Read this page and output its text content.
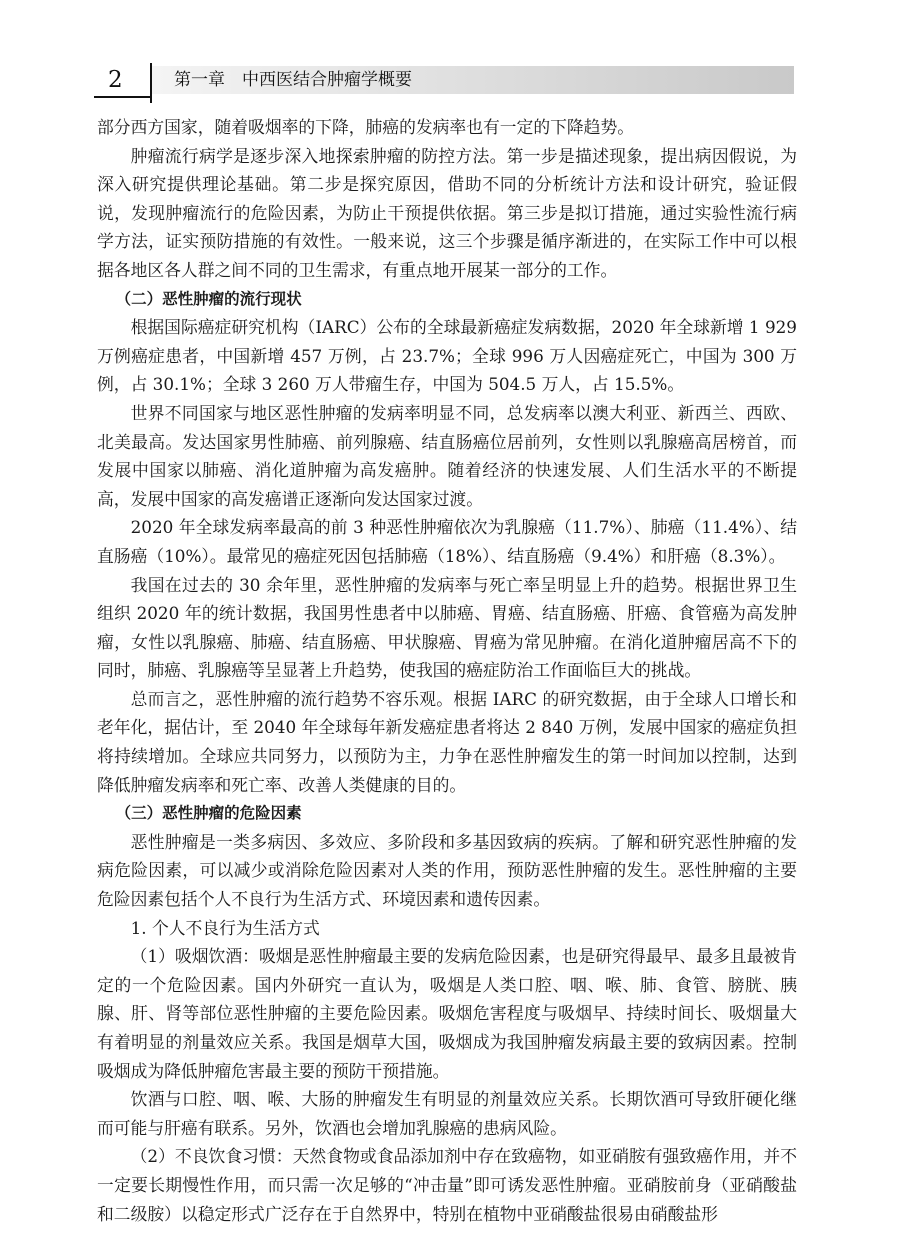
2	第一章　中西医结合肿瘤学概要

部分西方国家，随着吸烟率的下降，肺癌的发病率也有一定的下降趋势。

肿瘤流行病学是逐步深入地探索肿瘤的防控方法。第一步是描述现象，提出病因假说，为深入研究提供理论基础。第二步是探究原因，借助不同的分析统计方法和设计研究，验证假说，发现肿瘤流行的危险因素，为防止干预提供依据。第三步是拟订措施，通过实验性流行病学方法，证实预防措施的有效性。一般来说，这三个步骤是循序渐进的，在实际工作中可以根据各地区各人群之间不同的卫生需求，有重点地开展某一部分的工作。

（二）恶性肿瘤的流行现状

根据国际癌症研究机构（IARC）公布的全球最新癌症发病数据，2020 年全球新增 1 929 万例癌症患者，中国新增 457 万例，占 23.7%；全球 996 万人因癌症死亡，中国为 300 万例，占 30.1%；全球 3 260 万人带瘤生存，中国为 504.5 万人，占 15.5%。

世界不同国家与地区恶性肿瘤的发病率明显不同，总发病率以澳大利亚、新西兰、西欧、北美最高。发达国家男性肺癌、前列腺癌、结直肠癌位居前列，女性则以乳腺癌高居榜首，而发展中国家以肺癌、消化道肿瘤为高发癌肿。随着经济的快速发展、人们生活水平的不断提高，发展中国家的高发癌谱正逐渐向发达国家过渡。

2020 年全球发病率最高的前 3 种恶性肿瘤依次为乳腺癌（11.7%）、肺癌（11.4%）、结直肠癌（10%）。最常见的癌症死因包括肺癌（18%）、结直肠癌（9.4%）和肝癌（8.3%）。

我国在过去的 30 余年里，恶性肿瘤的发病率与死亡率呈明显上升的趋势。根据世界卫生组织 2020 年的统计数据，我国男性患者中以肺癌、胃癌、结直肠癌、肝癌、食管癌为高发肿瘤，女性以乳腺癌、肺癌、结直肠癌、甲状腺癌、胃癌为常见肿瘤。在消化道肿瘤居高不下的同时，肺癌、乳腺癌等呈显著上升趋势，使我国的癌症防治工作面临巨大的挑战。

总而言之，恶性肿瘤的流行趋势不容乐观。根据 IARC 的研究数据，由于全球人口增长和老年化，据估计，至 2040 年全球每年新发癌症患者将达 2 840 万例，发展中国家的癌症负担将持续增加。全球应共同努力，以预防为主，力争在恶性肿瘤发生的第一时间加以控制，达到降低肿瘤发病率和死亡率、改善人类健康的目的。

（三）恶性肿瘤的危险因素

恶性肿瘤是一类多病因、多效应、多阶段和多基因致病的疾病。了解和研究恶性肿瘤的发病危险因素，可以减少或消除危险因素对人类的作用，预防恶性肿瘤的发生。恶性肿瘤的主要危险因素包括个人不良行为生活方式、环境因素和遗传因素。

1. 个人不良行为生活方式

（1）吸烟饮酒：吸烟是恶性肿瘤最主要的发病危险因素，也是研究得最早、最多且最被肯定的一个危险因素。国内外研究一直认为，吸烟是人类口腔、咽、喉、肺、食管、膀胱、胰腺、肝、肾等部位恶性肿瘤的主要危险因素。吸烟危害程度与吸烟早、持续时间长、吸烟量大有着明显的剂量效应关系。我国是烟草大国，吸烟成为我国肿瘤发病最主要的致病因素。控制吸烟成为降低肿瘤危害最主要的预防干预措施。

饮酒与口腔、咽、喉、大肠的肿瘤发生有明显的剂量效应关系。长期饮酒可导致肝硬化继而可能与肝癌有联系。另外，饮酒也会增加乳腺癌的患病风险。

（2）不良饮食习惯：天然食物或食品添加剂中存在致癌物，如亚硝胺有强致癌作用，并不一定要长期慢性作用，而只需一次足够的“冲击量”即可诱发恶性肿瘤。亚硝胺前身（亚硝酸盐和二级胺）以稳定形式广泛存在于自然界中，特别在植物中亚硝酸盐很易由硝酸盐形
